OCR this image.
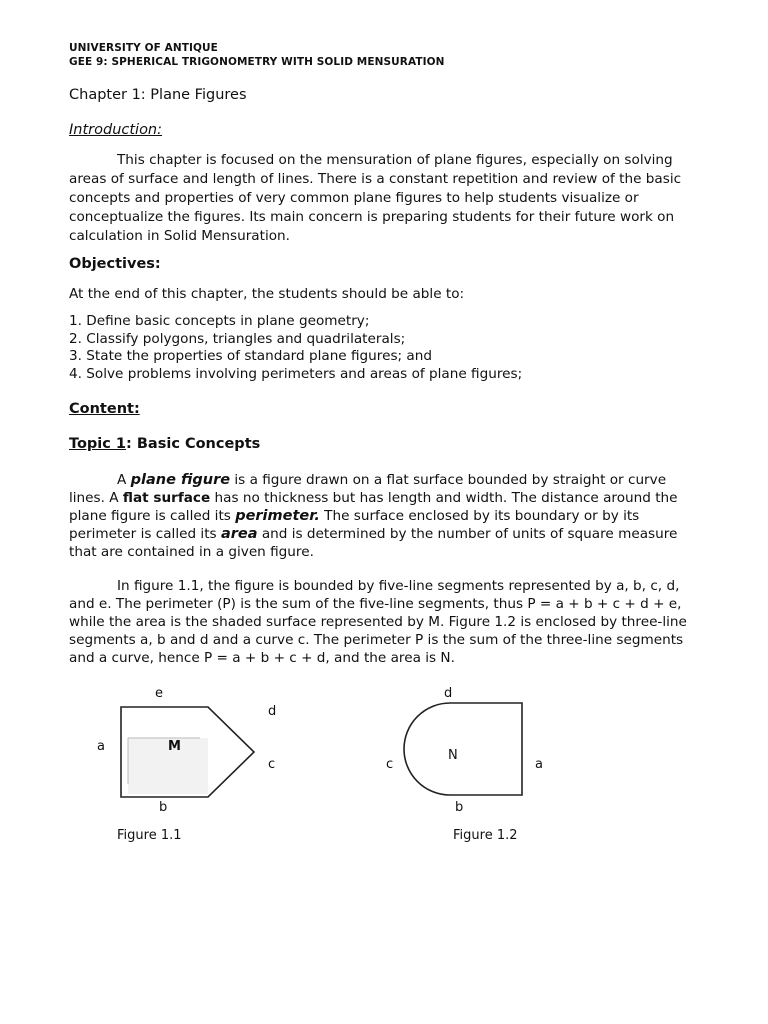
UNIVERSITY OF ANTIQUE
GEE 9: SPHERICAL TRIGONOMETRY WITH SOLID MENSURATION
Chapter 1: Plane Figures
Introduction:

This chapter is focused on the mensuration of plane figures, especially on solving areas of surface and length of lines. There is a constant repetition and review of the basic concepts and properties of very common plane figures to help students visualize or conceptualize the figures. Its main concern is preparing students for their future work on calculation in Solid Mensuration.

Objectives:
At the end of this chapter, the students should be able to:
1. Define basic concepts in plane geometry;
2. Classify polygons, triangles and quadrilaterals;
3. State the properties of standard plane figures; and
4. Solve problems involving perimeters and areas of plane figures;
Content:
Topic 1: Basic Concepts

A plane figure is a figure drawn on a flat surface bounded by straight or curve lines. A flat surface has no thickness but has length and width. The distance around the plane figure is called its perimeter. The surface enclosed by its boundary or by its perimeter is called its area and is determined by the number of units of square measure that are contained in a given figure.

In figure 1.1, the figure is bounded by five-line segments represented by a, b, c, d, and e. The perimeter (P) is the sum of the five-line segments, thus P = a + b + c + d + e, while the area is the shaded surface represented by M. Figure 1.2 is enclosed by three-line segments a, b and d and a curve c. The perimeter P is the sum of the three-line segments and a curve, hence P = a + b + c + d, and the area is N.

e
d
a	M
c
b
Figure 1.1
d
c
N
a
b
Figure 1.2
